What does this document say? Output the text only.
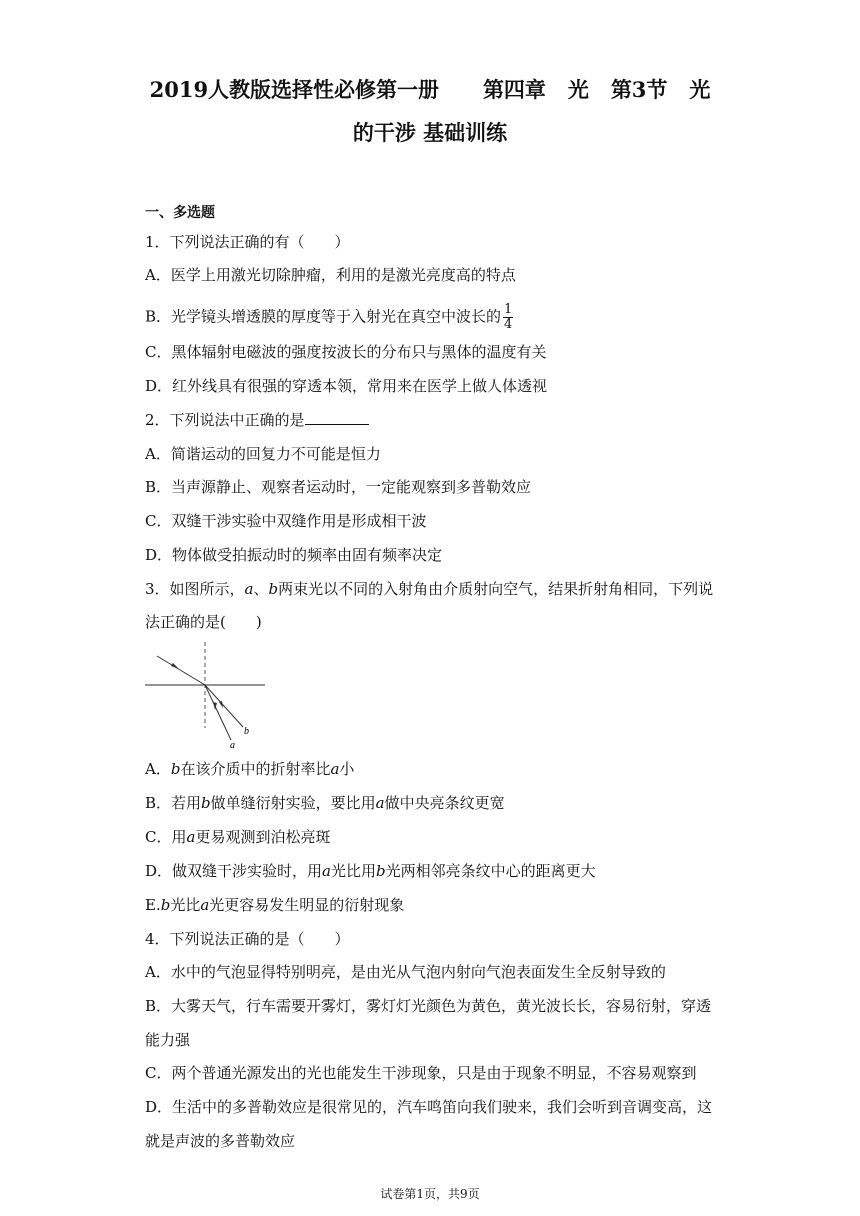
2019人教版选择性必修第一册 第四章 光 第3节 光
的干涉 基础训练
一、多选题
1．下列说法正确的有（　　）
A．医学上用激光切除肿瘤，利用的是激光亮度高的特点
B．光学镜头增透膜的厚度等于入射光在真空中波长的 $\frac{1}{4}$
C．黑体辐射电磁波的强度按波长的分布只与黑体的温度有关
D．红外线具有很强的穿透本领，常用来在医学上做人体透视
2．下列说法中正确的是
A．简谐运动的回复力不可能是恒力
B．当声源静止、观察者运动时，一定能观察到多普勒效应
C．双缝干涉实验中双缝作用是形成相干波
D．物体做受拍振动时的频率由固有频率决定
3．如图所示，a、b两束光以不同的入射角由介质射向空气，结果折射角相同，下列说
法正确的是(　　)
a
b
A．b在该介质中的折射率比a小
B．若用b做单缝衍射实验，要比用a做中央亮条纹更宽
C．用a更易观测到泊松亮斑
D．做双缝干涉实验时，用a光比用b光两相邻亮条纹中心的距离更大
E.b光比a光更容易发生明显的衍射现象
4．下列说法正确的是（　　）
A．水中的气泡显得特别明亮，是由光从气泡内射向气泡表面发生全反射导致的
B．大雾天气，行车需要开雾灯，雾灯灯光颜色为黄色，黄光波长长，容易衍射，穿透
能力强
C．两个普通光源发出的光也能发生干涉现象，只是由于现象不明显，不容易观察到
D．生活中的多普勒效应是很常见的，汽车鸣笛向我们驶来，我们会听到音调变高，这
就是声波的多普勒效应
试卷第1页，共9页
